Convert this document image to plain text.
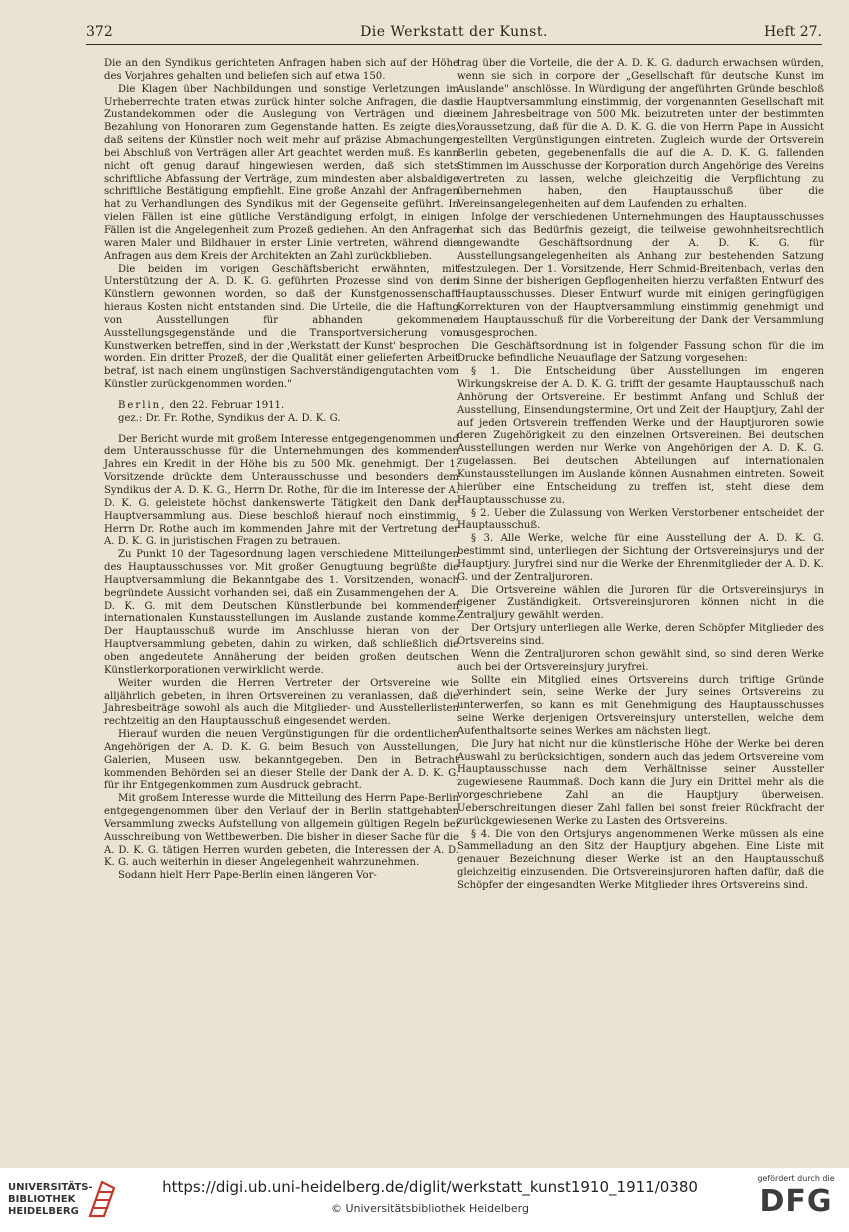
372	Die Werkstatt der Kunst.	Heft 27.

Die an den Syndikus gerichteten Anfragen haben sich auf der Höhe des Vorjahres gehalten und beliefen sich auf etwa 150.

Die Klagen über Nachbildungen und sonstige Verletzungen im Urheberrechte traten etwas zurück hinter solche Anfragen, die das Zustandekommen oder die Auslegung von Verträgen und die Bezahlung von Honoraren zum Gegenstande hatten. Es zeigte dies, daß seitens der Künstler noch weit mehr auf präzise Abmachungen bei Abschluß von Verträgen aller Art geachtet werden muß. Es kann nicht oft genug darauf hingewiesen werden, daß sich stets schriftliche Abfassung der Verträge, zum mindesten aber alsbaldige schriftliche Bestätigung empfiehlt. Eine große Anzahl der Anfragen hat zu Verhandlungen des Syndikus mit der Gegenseite geführt. In vielen Fällen ist eine gütliche Verständigung erfolgt, in einigen Fällen ist die Angelegenheit zum Prozeß gediehen. An den Anfragen waren Maler und Bildhauer in erster Linie vertreten, während die Anfragen aus dem Kreis der Architekten an Zahl zurückblieben.

Die beiden im vorigen Geschäftsbericht erwähnten, mit Unterstützung der A. D. K. G. geführten Prozesse sind von den Künstlern gewonnen worden, so daß der Kunstgenossenschaft hieraus Kosten nicht entstanden sind. Die Urteile, die die Haftung von Ausstellungen für abhanden gekommene Ausstellungsgegenstände und die Transportversicherung von Kunstwerken betreffen, sind in der ‚Werkstatt der Kunst' besprochen worden. Ein dritter Prozeß, der die Qualität einer gelieferten Arbeit betraf, ist nach einem ungünstigen Sachverständigengutachten vom Künstler zurückgenommen worden."

Berlin, den 22. Februar 1911.

gez.: Dr. Fr. Rothe, Syndikus der A. D. K. G.

Der Bericht wurde mit großem Interesse entgegengenommen und dem Unterausschusse für die Unternehmungen des kommenden Jahres ein Kredit in der Höhe bis zu 500 Mk. genehmigt. Der 1. Vorsitzende drückte dem Unterausschusse und besonders dem Syndikus der A. D. K. G., Herrn Dr. Rothe, für die im Interesse der A. D. K. G. geleistete höchst dankenswerte Tätigkeit den Dank der Hauptversammlung aus. Diese beschloß hierauf noch einstimmig, Herrn Dr. Rothe auch im kommenden Jahre mit der Vertretung der A. D. K. G. in juristischen Fragen zu betrauen.

Zu Punkt 10 der Tagesordnung lagen verschiedene Mitteilungen des Hauptausschusses vor. Mit großer Genugtuung begrüßte die Hauptversammlung die Bekanntgabe des 1. Vorsitzenden, wonach begründete Aussicht vorhanden sei, daß ein Zusammengehen der A. D. K. G. mit dem Deutschen Künstlerbunde bei kommenden internationalen Kunstausstellungen im Auslande zustande komme. Der Hauptausschuß wurde im Anschlusse hieran von der Hauptversammlung gebeten, dahin zu wirken, daß schließlich die oben angedeutete Annäherung der beiden großen deutschen Künstlerkorporationen verwirklicht werde.

Weiter wurden die Herren Vertreter der Ortsvereine wie alljährlich gebeten, in ihren Ortsvereinen zu veranlassen, daß die Jahresbeiträge sowohl als auch die Mitglieder- und Ausstellerlisten rechtzeitig an den Hauptausschuß eingesendet werden.

Hierauf wurden die neuen Vergünstigungen für die ordentlichen Angehörigen der A. D. K. G. beim Besuch von Ausstellungen, Galerien, Museen usw. bekanntgegeben. Den in Betracht kommenden Behörden sei an dieser Stelle der Dank der A. D. K. G. für ihr Entgegenkommen zum Ausdruck gebracht.

Mit großem Interesse wurde die Mitteilung des Herrn Pape-Berlin entgegengenommen über den Verlauf der in Berlin stattgehabten Versammlung zwecks Aufstellung von allgemein gültigen Regeln bei Ausschreibung von Wettbewerben. Die bisher in dieser Sache für die A. D. K. G. tätigen Herren wurden gebeten, die Interessen der A. D. K. G. auch weiterhin in dieser Angelegenheit wahrzunehmen.

Sodann hielt Herr Pape-Berlin einen längeren Vor-

trag über die Vorteile, die der A. D. K. G. dadurch erwachsen würden, wenn sie sich in corpore der „Gesellschaft für deutsche Kunst im Auslande" anschlösse. In Würdigung der angeführten Gründe beschloß die Hauptversammlung einstimmig, der vorgenannten Gesellschaft mit einem Jahresbeitrage von 500 Mk. beizutreten unter der bestimmten Voraussetzung, daß für die A. D. K. G. die von Herrn Pape in Aussicht gestellten Vergünstigungen eintreten. Zugleich wurde der Ortsverein Berlin gebeten, gegebenenfalls die auf die A. D. K. G. fallenden Stimmen im Ausschusse der Korporation durch Angehörige des Vereins vertreten zu lassen, welche gleichzeitig die Verpflichtung zu übernehmen haben, den Hauptausschuß über die Vereinsangelegenheiten auf dem Laufenden zu erhalten.

Infolge der verschiedenen Unternehmungen des Hauptausschusses hat sich das Bedürfnis gezeigt, die teilweise gewohnheitsrechtlich angewandte Geschäftsordnung der A. D. K. G. für Ausstellungsangelegenheiten als Anhang zur bestehenden Satzung festzulegen. Der 1. Vorsitzende, Herr Schmid-Breitenbach, verlas den im Sinne der bisherigen Gepflogenheiten hierzu verfaßten Entwurf des Hauptausschusses. Dieser Entwurf wurde mit einigen geringfügigen Korrekturen von der Hauptversammlung einstimmig genehmigt und dem Hauptausschuß für die Vorbereitung der Dank der Versammlung ausgesprochen.

Die Geschäftsordnung ist in folgender Fassung schon für die im Drucke befindliche Neuauflage der Satzung vorgesehen:

§ 1. Die Entscheidung über Ausstellungen im engeren Wirkungskreise der A. D. K. G. trifft der gesamte Hauptausschuß nach Anhörung der Ortsvereine. Er bestimmt Anfang und Schluß der Ausstellung, Einsendungstermine, Ort und Zeit der Hauptjury, Zahl der auf jeden Ortsverein treffenden Werke und der Hauptjuroren sowie deren Zugehörigkeit zu den einzelnen Ortsvereinen. Bei deutschen Ausstellungen werden nur Werke von Angehörigen der A. D. K. G. zugelassen. Bei deutschen Abteilungen auf internationalen Kunstausstellungen im Auslande können Ausnahmen eintreten. Soweit hierüber eine Entscheidung zu treffen ist, steht diese dem Hauptausschusse zu.

§ 2. Ueber die Zulassung von Werken Verstorbener entscheidet der Hauptausschuß.

§ 3. Alle Werke, welche für eine Ausstellung der A. D. K. G. bestimmt sind, unterliegen der Sichtung der Ortsvereinsjurys und der Hauptjury. Juryfrei sind nur die Werke der Ehrenmitglieder der A. D. K. G. und der Zentraljuroren.

Die Ortsvereine wählen die Juroren für die Ortsvereinsjurys in eigener Zuständigkeit. Ortsvereinsjuroren können nicht in die Zentraljury gewählt werden.

Der Ortsjury unterliegen alle Werke, deren Schöpfer Mitglieder des Ortsvereins sind.

Wenn die Zentraljuroren schon gewählt sind, so sind deren Werke auch bei der Ortsvereinsjury juryfrei.

Sollte ein Mitglied eines Ortsvereins durch triftige Gründe verhindert sein, seine Werke der Jury seines Ortsvereins zu unterwerfen, so kann es mit Genehmigung des Hauptausschusses seine Werke derjenigen Ortsvereinsjury unterstellen, welche dem Aufenthaltsorte seines Werkes am nächsten liegt.

Die Jury hat nicht nur die künstlerische Höhe der Werke bei deren Auswahl zu berücksichtigen, sondern auch das jedem Ortsvereine vom Hauptausschusse nach dem Verhältnisse seiner Aussteller zugewiesene Raummaß. Doch kann die Jury ein Drittel mehr als die vorgeschriebene Zahl an die Hauptjury überweisen. Ueberschreitungen dieser Zahl fallen bei sonst freier Rückfracht der zurückgewiesenen Werke zu Lasten des Ortsvereins.

§ 4. Die von den Ortsjurys angenommenen Werke müssen als eine Sammelladung an den Sitz der Hauptjury abgehen. Eine Liste mit genauer Bezeichnung dieser Werke ist an den Hauptausschuß gleichzeitig einzusenden. Die Ortsvereinsjuroren haften dafür, daß die Schöpfer der eingesandten Werke Mitglieder ihres Ortsvereins sind.

UNIVERSITÄTS-
BIBLIOTHEK
HEIDELBERG
https://digi.ub.uni-heidelberg.de/diglit/werkstatt_kunst1910_1911/0380
© Universitätsbibliothek Heidelberg
gefördert durch die
DFG
